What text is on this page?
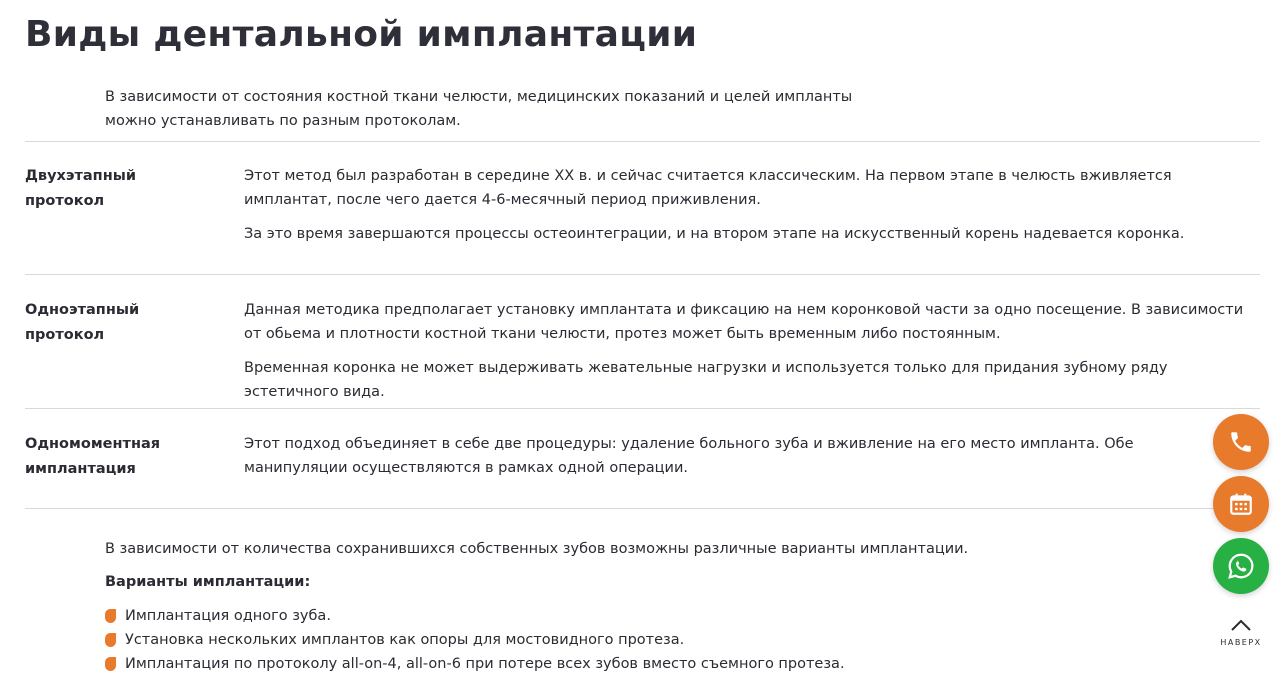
Виды дентальной имплантации
В зависимости от состояния костной ткани челюсти, медицинских показаний и целей импланты можно устанавливать по разным протоколам.
Двухэтапный протокол

Этот метод был разработан в середине XX в. и сейчас считается классическим. На первом этапе в челюсть вживляется имплантат, после чего дается 4-6-месячный период приживления.

За это время завершаются процессы остеоинтеграции, и на втором этапе на искусственный корень надевается коронка.

Одноэтапный протокол

Данная методика предполагает установку имплантата и фиксацию на нем коронковой части за одно посещение. В зависимости от обьема и плотности костной ткани челюсти, протез может быть временным либо постоянным.

Временная коронка не может выдерживать жевательные нагрузки и используется только для придания зубному ряду эстетичного вида.

Одномоментная имплантация

Этот подход объединяет в себе две процедуры: удаление больного зуба и вживление на его место импланта. Обе манипуляции осуществляются в рамках одной операции.

В зависимости от количества сохранившихся собственных зубов возможны различные варианты имплантации.
Варианты имплантации:
Имплантация одного зуба.
Установка нескольких имплантов как опоры для мостовидного протеза.
Имплантация по протоколу all-on-4, all-on-6 при потере всех зубов вместо съемного протеза.
НАВЕРХ
